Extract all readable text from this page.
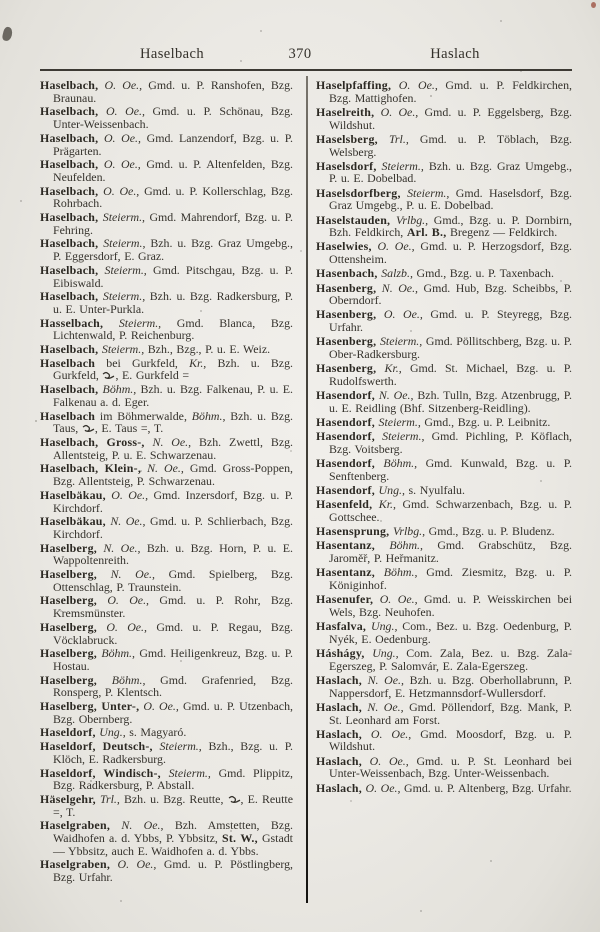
Haselbach	370	Haslach

Haselbach, O. Oe., Gmd. u. P. Ranshofen, Bzg. Braunau.

Haselbach, O. Oe., Gmd. u. P. Schönau, Bzg. Unter-Weissenbach.

Haselbach, O. Oe., Gmd. Lanzendorf, Bzg. u. P. Prägarten.

Haselbach, O. Oe., Gmd. u. P. Altenfelden, Bzg. Neufelden.

Haselbach, O. Oe., Gmd. u. P. Kollerschlag, Bzg. Rohrbach.

Haselbach, Steierm., Gmd. Mahrendorf, Bzg. u. P. Fehring.

Haselbach, Steierm., Bzh. u. Bzg. Graz Umgebg., P. Eggersdorf, E. Graz.

Haselbach, Steierm., Gmd. Pitschgau, Bzg. u. P. Eibiswald.

Haselbach, Steierm., Bzh. u. Bzg. Radkersburg, P. u. E. Unter-Purkla.

Hasselbach, Steierm., Gmd. Blanca, Bzg. Lichtenwald, P. Reichenburg.

Haselbach, Steierm., Bzh., Bzg., P. u. E. Weiz.

Haselbach bei Gurkfeld, Kr., Bzh. u. Bzg. Gurkfeld, , E. Gurkfeld =

Haselbach, Böhm., Bzh. u. Bzg. Falkenau, P. u. E. Falkenau a. d. Eger.

Haselbach im Böhmerwalde, Böhm., Bzh. u. Bzg. Taus, , E. Taus =, T.

Haselbach, Gross-, N. Oe., Bzh. Zwettl, Bzg. Allentsteig, P. u. E. Schwarzenau.

Haselbach, Klein-, N. Oe., Gmd. Gross-Poppen, Bzg. Allentsteig, P. Schwarzenau.

Haselbäkau, O. Oe., Gmd. Inzersdorf, Bzg. u. P. Kirchdorf.

Haselbäkau, N. Oe., Gmd. u. P. Schlierbach, Bzg. Kirchdorf.

Haselberg, N. Oe., Bzh. u. Bzg. Horn, P. u. E. Wappoltenreith.

Haselberg, N. Oe., Gmd. Spielberg, Bzg. Ottenschlag, P. Traunstein.

Haselberg, O. Oe., Gmd. u. P. Rohr, Bzg. Kremsmünster.

Haselberg, O. Oe., Gmd. u. P. Regau, Bzg. Vöcklabruck.

Haselberg, Böhm., Gmd. Heiligenkreuz, Bzg. u. P. Hostau.

Haselberg, Böhm., Gmd. Grafenried, Bzg. Ronsperg, P. Klentsch.

Haselberg, Unter-, O. Oe., Gmd. u. P. Utzenbach, Bzg. Obernberg.

Haseldorf, Ung., s. Magyaró.

Haseldorf, Deutsch-, Steierm., Bzh., Bzg. u. P. Klöch, E. Radkersburg.

Haseldorf, Windisch-, Steierm., Gmd. Plippitz, Bzg. Radkersburg, P. Abstall.

Häselgehr, Trl., Bzh. u. Bzg. Reutte, , E. Reutte =, T.

Haselgraben, N. Oe., Bzh. Amstetten, Bzg. Waidhofen a. d. Ybbs, P. Ybbsitz, St. W., Gstadt — Ybbsitz, auch E. Waidhofen a. d. Ybbs.

Haselgraben, O. Oe., Gmd. u. P. Pöstlingberg, Bzg. Urfahr.

Haselpfaffing, O. Oe., Gmd. u. P. Feldkirchen, Bzg. Mattighofen.

Haselreith, O. Oe., Gmd. u. P. Eggelsberg, Bzg. Wildshut.

Haselsberg, Trl., Gmd. u. P. Töblach, Bzg. Welsberg.

Haselsdorf, Steierm., Bzh. u. Bzg. Graz Umgebg., P. u. E. Dobelbad.

Haselsdorfberg, Steierm., Gmd. Haselsdorf, Bzg. Graz Umgebg., P. u. E. Dobelbad.

Haselstauden, Vrlbg., Gmd., Bzg. u. P. Dornbirn, Bzh. Feldkirch, Arl. B., Bregenz — Feldkirch.

Haselwies, O. Oe., Gmd. u. P. Herzogsdorf, Bzg. Ottensheim.

Hasenbach, Salzb., Gmd., Bzg. u. P. Taxenbach.

Hasenberg, N. Oe., Gmd. Hub, Bzg. Scheibbs, P. Oberndorf.

Hasenberg, O. Oe., Gmd. u. P. Steyregg, Bzg. Urfahr.

Hasenberg, Steierm., Gmd. Pöllitschberg, Bzg. u. P. Ober-Radkersburg.

Hasenberg, Kr., Gmd. St. Michael, Bzg. u. P. Rudolfswerth.

Hasendorf, N. Oe., Bzh. Tulln, Bzg. Atzenbrugg, P. u. E. Reidling (Bhf. Sitzenberg-Reidling).

Hasendorf, Steierm., Gmd., Bzg. u. P. Leibnitz.

Hasendorf, Steierm., Gmd. Pichling, P. Köflach, Bzg. Voitsberg.

Hasendorf, Böhm., Gmd. Kunwald, Bzg. u. P. Senftenberg.

Hasendorf, Ung., s. Nyulfalu.

Hasenfeld, Kr., Gmd. Schwarzenbach, Bzg. u. P. Gottschee.

Hasensprung, Vrlbg., Gmd., Bzg. u. P. Bludenz.

Hasentanz, Böhm., Gmd. Grabschütz, Bzg. Jaroměř, P. Heřmanitz.

Hasentanz, Böhm., Gmd. Ziesmitz, Bzg. u. P. Königinhof.

Hasenufer, O. Oe., Gmd. u. P. Weisskirchen bei Wels, Bzg. Neuhofen.

Hasfalva, Ung., Com., Bez. u. Bzg. Oedenburg, P. Nyék, E. Oedenburg.

Háshágy, Ung., Com. Zala, Bez. u. Bzg. Zala-Egerszeg, P. Salomvár, E. Zala-Egerszeg.

Haslach, N. Oe., Bzh. u. Bzg. Oberhollabrunn, P. Nappersdorf, E. Hetzmannsdorf-Wullersdorf.

Haslach, N. Oe., Gmd. Pöllendorf, Bzg. Mank, P. St. Leonhard am Forst.

Haslach, O. Oe., Gmd. Moosdorf, Bzg. u. P. Wildshut.

Haslach, O. Oe., Gmd. u. P. St. Leonhard bei Unter-Weissenbach, Bzg. Unter-Weissenbach.

Haslach, O. Oe., Gmd. u. P. Altenberg, Bzg. Urfahr.
